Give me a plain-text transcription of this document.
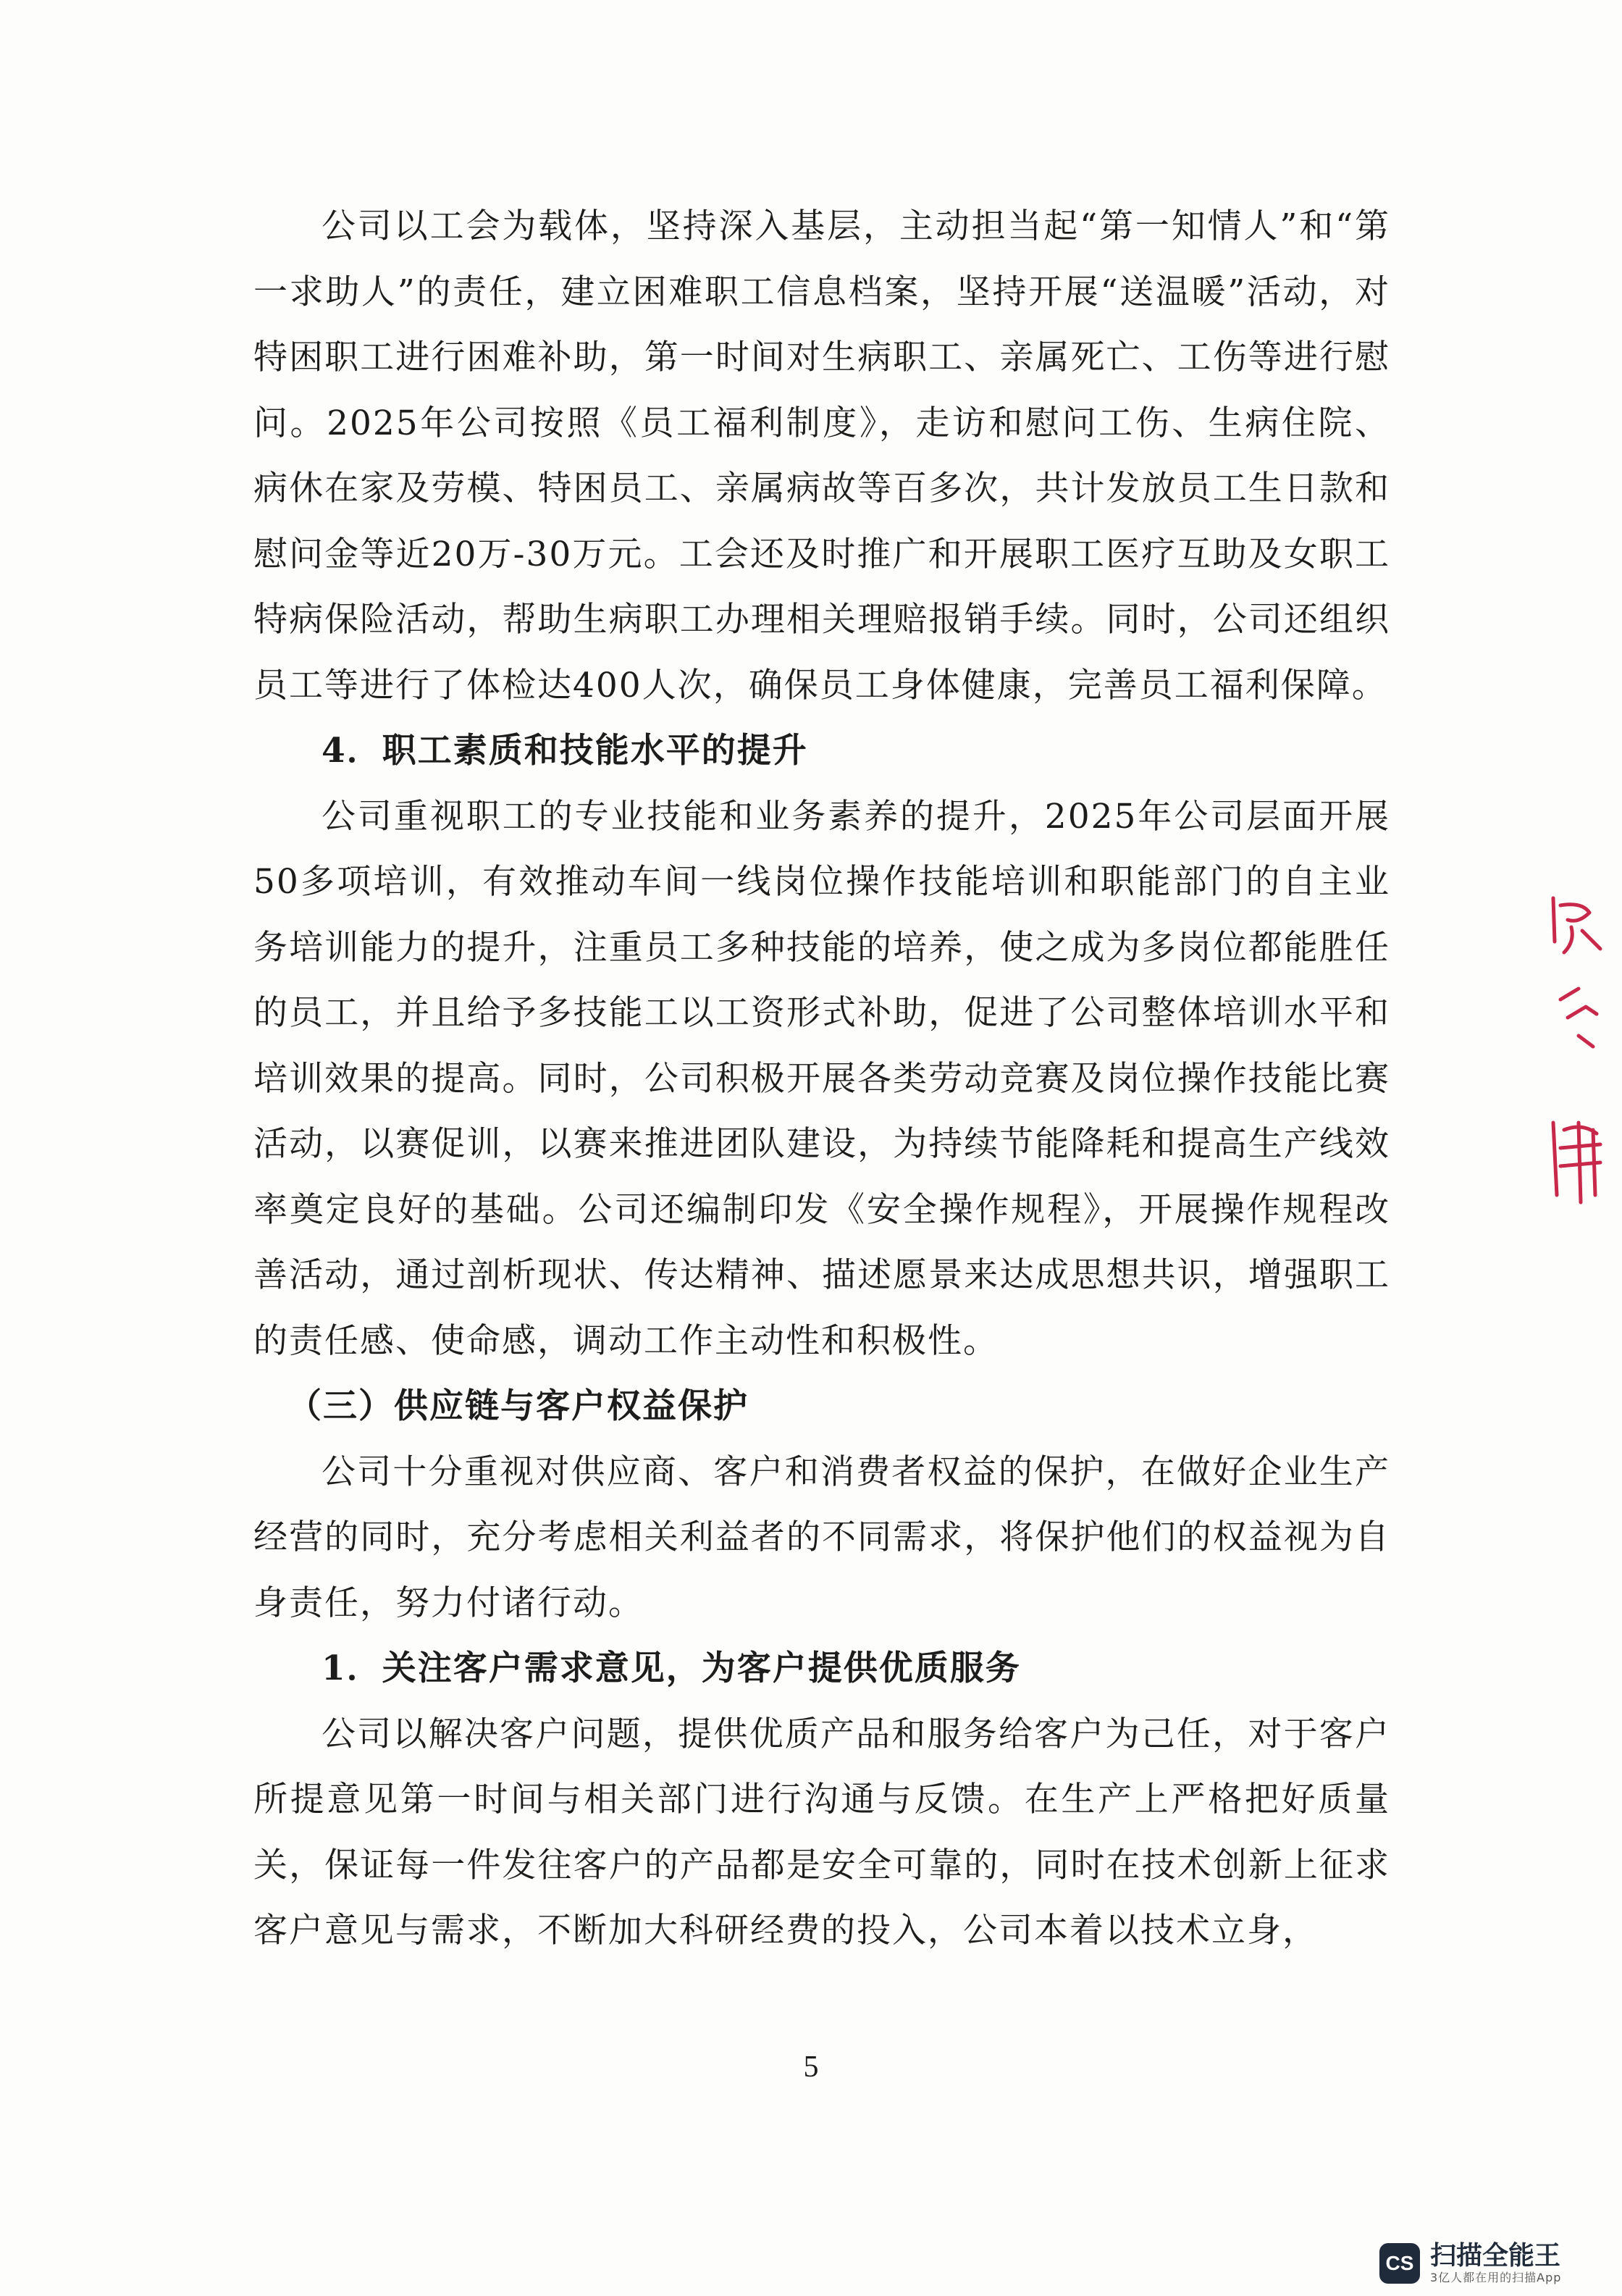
公司以工会为载体，坚持深入基层，主动担当起“第一知情人”和“第一求助人”的责任，建立困难职工信息档案，坚持开展“送温暖”活动，对特困职工进行困难补助，第一时间对生病职工、亲属死亡、工伤等进行慰问。2025年公司按照《员工福利制度》，走访和慰问工伤、生病住院、病休在家及劳模、特困员工、亲属病故等百多次，共计发放员工生日款和慰问金等近20万-30万元。工会还及时推广和开展职工医疗互助及女职工特病保险活动，帮助生病职工办理相关理赔报销手续。同时，公司还组织员工等进行了体检达400人次，确保员工身体健康，完善员工福利保障。

4．职工素质和技能水平的提升

公司重视职工的专业技能和业务素养的提升，2025年公司层面开展50多项培训，有效推动车间一线岗位操作技能培训和职能部门的自主业务培训能力的提升，注重员工多种技能的培养，使之成为多岗位都能胜任的员工，并且给予多技能工以工资形式补助，促进了公司整体培训水平和培训效果的提高。同时，公司积极开展各类劳动竞赛及岗位操作技能比赛活动，以赛促训，以赛来推进团队建设，为持续节能降耗和提高生产线效率奠定良好的基础。公司还编制印发《安全操作规程》，开展操作规程改善活动，通过剖析现状、传达精神、描述愿景来达成思想共识，增强职工的责任感、使命感，调动工作主动性和积极性。

（三）供应链与客户权益保护

公司十分重视对供应商、客户和消费者权益的保护，在做好企业生产经营的同时，充分考虑相关利益者的不同需求，将保护他们的权益视为自身责任，努力付诸行动。

1．关注客户需求意见，为客户提供优质服务

公司以解决客户问题，提供优质产品和服务给客户为己任，对于客户所提意见第一时间与相关部门进行沟通与反馈。在生产上严格把好质量关，保证每一件发往客户的产品都是安全可靠的，同时在技术创新上征求客户意见与需求，不断加大科研经费的投入，公司本着以技术立身，

5
CS 扫描全能王
3亿人都在用的扫描App
